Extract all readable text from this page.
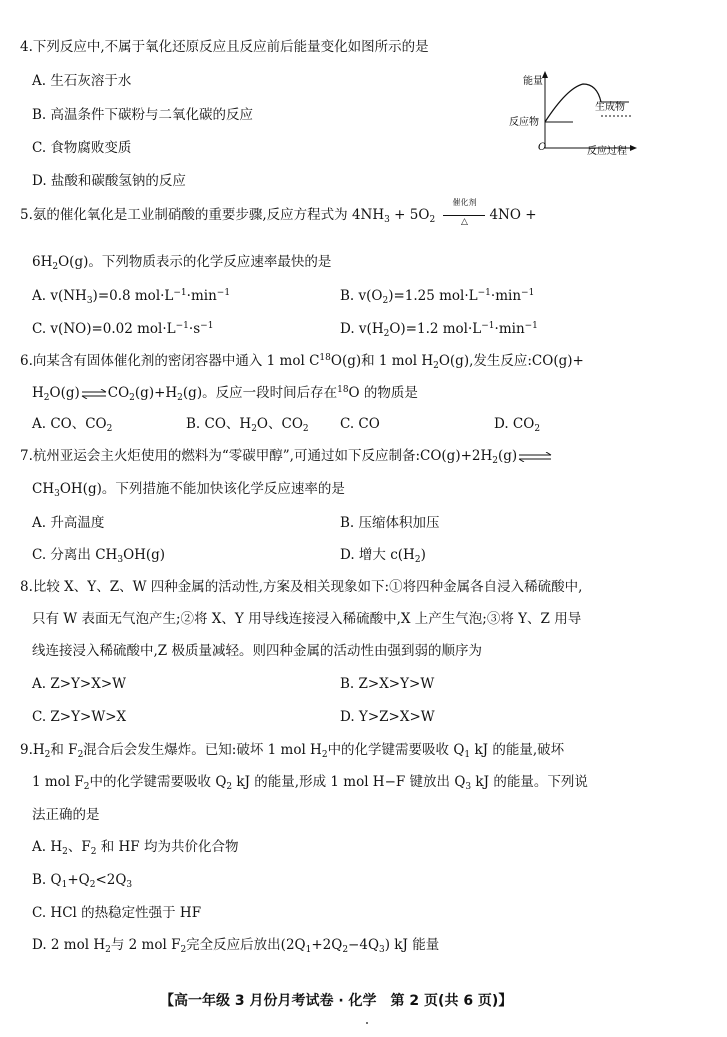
4.下列反应中,不属于氧化还原反应且反应前后能量变化如图所示的是
A. 生石灰溶于水
B. 高温条件下碳粉与二氧化碳的反应
C. 食物腐败变质
D. 盐酸和碳酸氢钠的反应
能量
反应物
O	反应过程
生成物
5.氨的催化氧化是工业制硝酸的重要步骤,反应方程式为 $4NH_3 + 5O_2$
催化剂
△	4NO +
$6H_2O(g)$。下列物质表示的化学反应速率最快的是
A. $v(NH_3)=0.8$ $mol\cdot L^{-1}\cdot\min^{-1}$	B. $v(O_2)=1.25$ $mol\cdot L^{-1}\cdot\min^{-1}$
C. v(NO)=0.02 $mol\cdot L^{-1}\cdot s^{-1}$	D. $v(H_2O)=1.2$ $mol\cdot L^{-1}\cdot\min^{-1}$
6.向某含有固体催化剂的密闭容器中通入 1 mol $C^{18}O(g)$和 1 mol $H_2O(g)$,发生反应:CO(g)+
$H_2O(g)$ $CO_2(g)+H_2(g)$。反应一段时间后存在$^{18}$O 的物质是
A. CO、$CO_2$	B. CO、$H_2O$、$CO_2$ C. CO	D. $CO_2$
7.杭州亚运会主火炬使用的燃料为“零碳甲醇”,可通过如下反应制备$:CO(g)+2H_2(g)$
$CH_3OH(g)$。下列措施不能加快该化学反应速率的是
A. 升高温度	B. 压缩体积加压
C. 分离出 $CH_3OH(g)$	D. 增大 $c(H_2)$
8.比较 X、Y、Z、W 四种金属的活动性,方案及相关现象如下:①将四种金属各自浸入稀硫酸中,
只有 W 表面无气泡产生;②将 X、Y 用导线连接浸入稀硫酸中,X 上产生气泡;③将 Y、Z 用导
线连接浸入稀硫酸中,Z 极质量减轻。则四种金属的活动性由强到弱的顺序为
A. Z>Y>X>W	B. Z>X>Y>W
C. Z>Y>W>X	D. Y>Z>X>W
$9.H_2$和 $F_2$混合后会发生爆炸。已知:破坏 1 mol $H_2$中的化学键需要吸收 $Q_1$ kJ 的能量,破坏
1 mol $F_2$中的化学键需要吸收 $Q_2$ kJ 的能量,形成 1 mol H−F 键放出 $Q_3$ kJ 的能量。下列说
法正确的是
A. $H_2$、$F_2$ 和 HF 均为共价化合物
B. $Q_1+Q_2<2Q_3$
C. HCl 的热稳定性强于 HF
D. 2 mol $H_2$与 2 mol $F_2$完全反应后放出$(2Q_1+2Q_2-4Q_3)$ kJ 能量
【高一年级 3 月份月考试卷 · 化学　第 2 页(共 6 页)】
